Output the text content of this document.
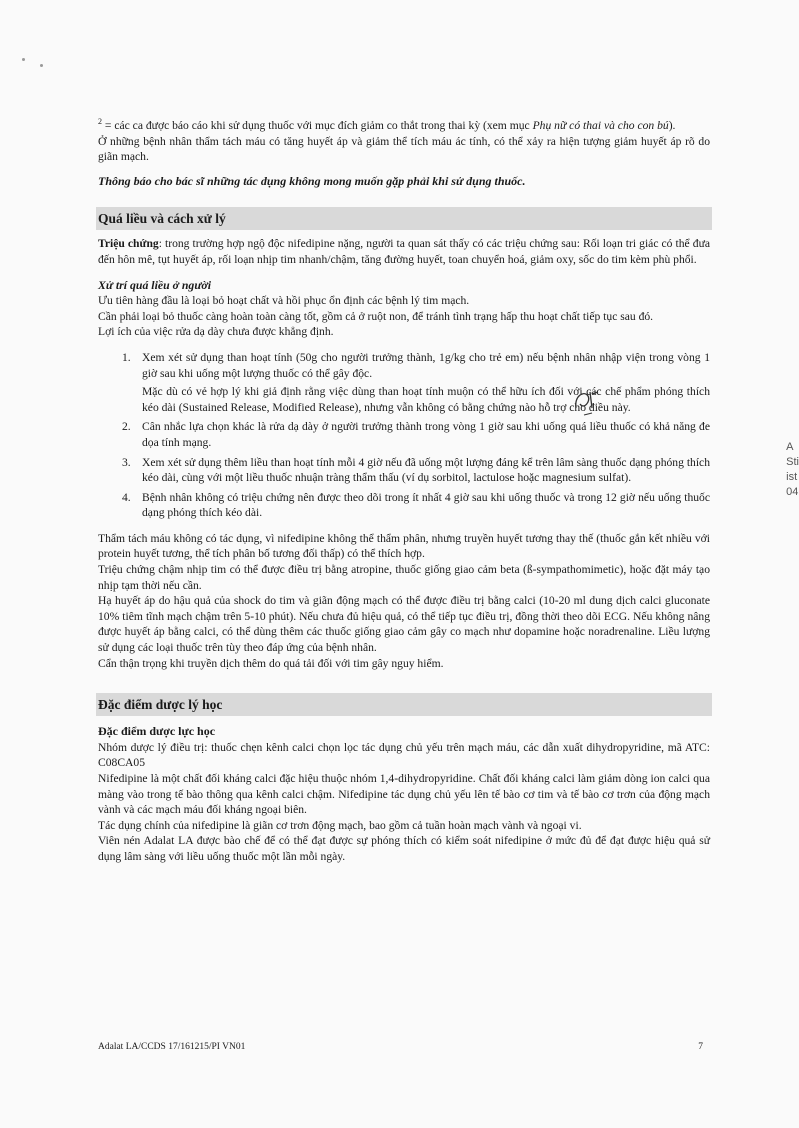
$^2$ = các ca được báo cáo khi sử dụng thuốc với mục đích giảm co thắt trong thai kỳ (xem mục Phụ nữ có thai và cho con bú).

Ở những bệnh nhân thẩm tách máu có tăng huyết áp và giảm thể tích máu ác tính, có thể xảy ra hiện tượng giảm huyết áp rõ do giãn mạch.

Thông báo cho bác sĩ những tác dụng không mong muốn gặp phải khi sử dụng thuốc.

Quá liều và cách xử lý

Triệu chứng: trong trường hợp ngộ độc nifedipine nặng, người ta quan sát thấy có các triệu chứng sau: Rối loạn tri giác có thể đưa đến hôn mê, tụt huyết áp, rối loạn nhịp tim nhanh/chậm, tăng đường huyết, toan chuyển hoá, giảm oxy, sốc do tim kèm phù phổi.

Xử trí quá liều ở người

Ưu tiên hàng đầu là loại bỏ hoạt chất và hồi phục ổn định các bệnh lý tim mạch.

Cần phải loại bỏ thuốc càng hoàn toàn càng tốt, gồm cả ở ruột non, để tránh tình trạng hấp thu hoạt chất tiếp tục sau đó.

Lợi ích của việc rửa dạ dày chưa được khẳng định.

1. Xem xét sử dụng than hoạt tính (50g cho người trưởng thành, 1g/kg cho trẻ em) nếu bệnh nhân nhập viện trong vòng 1 giờ sau khi uống một lượng thuốc có thể gây độc.

Mặc dù có vẻ hợp lý khi giả định rằng việc dùng than hoạt tính muộn có thể hữu ích đối với các chế phẩm phóng thích kéo dài (Sustained Release, Modified Release), nhưng vẫn không có bằng chứng nào hỗ trợ cho điều này.

2. Cân nhắc lựa chọn khác là rửa dạ dày ở người trưởng thành trong vòng 1 giờ sau khi uống quá liều thuốc có khả năng đe dọa tính mạng.
3. Xem xét sử dụng thêm liều than hoạt tính mỗi 4 giờ nếu đã uống một lượng đáng kể trên lâm sàng thuốc dạng phóng thích kéo dài, cùng với một liều thuốc nhuận tràng thẩm thấu (ví dụ sorbitol, lactulose hoặc magnesium sulfat).
4. Bệnh nhân không có triệu chứng nên được theo dõi trong ít nhất 4 giờ sau khi uống thuốc và trong 12 giờ nếu uống thuốc dạng phóng thích kéo dài.

Thẩm tách máu không có tác dụng, vì nifedipine không thể thẩm phân, nhưng truyền huyết tương thay thế (thuốc gắn kết nhiều với protein huyết tương, thể tích phân bố tương đối thấp) có thể thích hợp.

Triệu chứng chậm nhịp tim có thể được điều trị bằng atropine, thuốc giống giao cảm beta (ß-sympathomimetic), hoặc đặt máy tạo nhịp tạm thời nếu cần.

Hạ huyết áp do hậu quả của shock do tim và giãn động mạch có thể được điều trị bằng calci (10-20 ml dung dịch calci gluconate 10% tiêm tĩnh mạch chậm trên 5-10 phút). Nếu chưa đủ hiệu quả, có thể tiếp tục điều trị, đồng thời theo dõi ECG. Nếu không nâng được huyết áp bằng calci, có thể dùng thêm các thuốc giống giao cảm gây co mạch như dopamine hoặc noradrenaline. Liều lượng sử dụng các loại thuốc trên tùy theo đáp ứng của bệnh nhân.

Cẩn thận trọng khi truyền dịch thêm do quá tải đối với tim gây nguy hiểm.

Đặc điểm dược lý học

Đặc điểm dược lực học

Nhóm dược lý điều trị: thuốc chẹn kênh calci chọn lọc tác dụng chủ yếu trên mạch máu, các dẫn xuất dihydropyridine, mã ATC: C08CA05

Nifedipine là một chất đối kháng calci đặc hiệu thuộc nhóm 1,4-dihydropyridine. Chất đối kháng calci làm giảm dòng ion calci qua màng vào trong tế bào thông qua kênh calci chậm. Nifedipine tác dụng chủ yếu lên tế bào cơ tim và tế bào cơ trơn của động mạch vành và các mạch máu đối kháng ngoại biên.

Tác dụng chính của nifedipine là giãn cơ trơn động mạch, bao gồm cả tuần hoàn mạch vành và ngoại vi.

Viên nén Adalat LA được bào chế để có thể đạt được sự phóng thích có kiểm soát nifedipine ở mức đủ để đạt được hiệu quả sử dụng lâm sàng với liều uống thuốc một lần mỗi ngày.

A
Sti
ist
04
Adalat LA/CCDS 17/161215/PI VN01	7
